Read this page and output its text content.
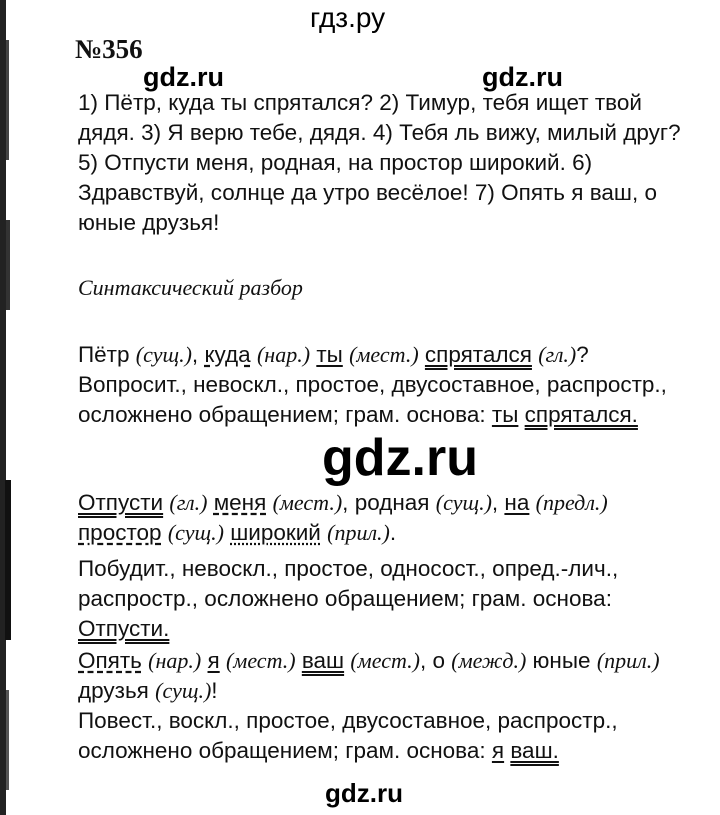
гдз.ру
№356
gdz.ru	gdz.ru

1) Пётр, куда ты спрятался? 2) Тимур, тебя ищет твой дядя. 3) Я верю тебе, дядя. 4) Тебя ль вижу, милый друг? 5) Отпусти меня, родная, на простор широкий. 6) Здравствуй, солнце да утро весёлое! 7) Опять я ваш, о юные друзья!

Синтаксический разбор

Пётр (сущ.), куда (нар.) ты (мест.) спрятался (гл.)?

Вопросит., невоскл., простое, двусоставное, распростр., осложнено обращением; грам. основа: ты спрятался.

gdz.ru

Отпусти (гл.) меня (мест.), родная (сущ.), на (предл.) простор (сущ.) широкий (прил.).

Побудит., невоскл., простое, односост., опред.-лич., распростр., осложнено обращением; грам. основа: Отпусти.

Опять (нар.) я (мест.) ваш (мест.), о (межд.) юные (прил.) друзья (сущ.)!

Повест., воскл., простое, двусоставное, распростр., осложнено обращением; грам. основа: я ваш.

gdz.ru
